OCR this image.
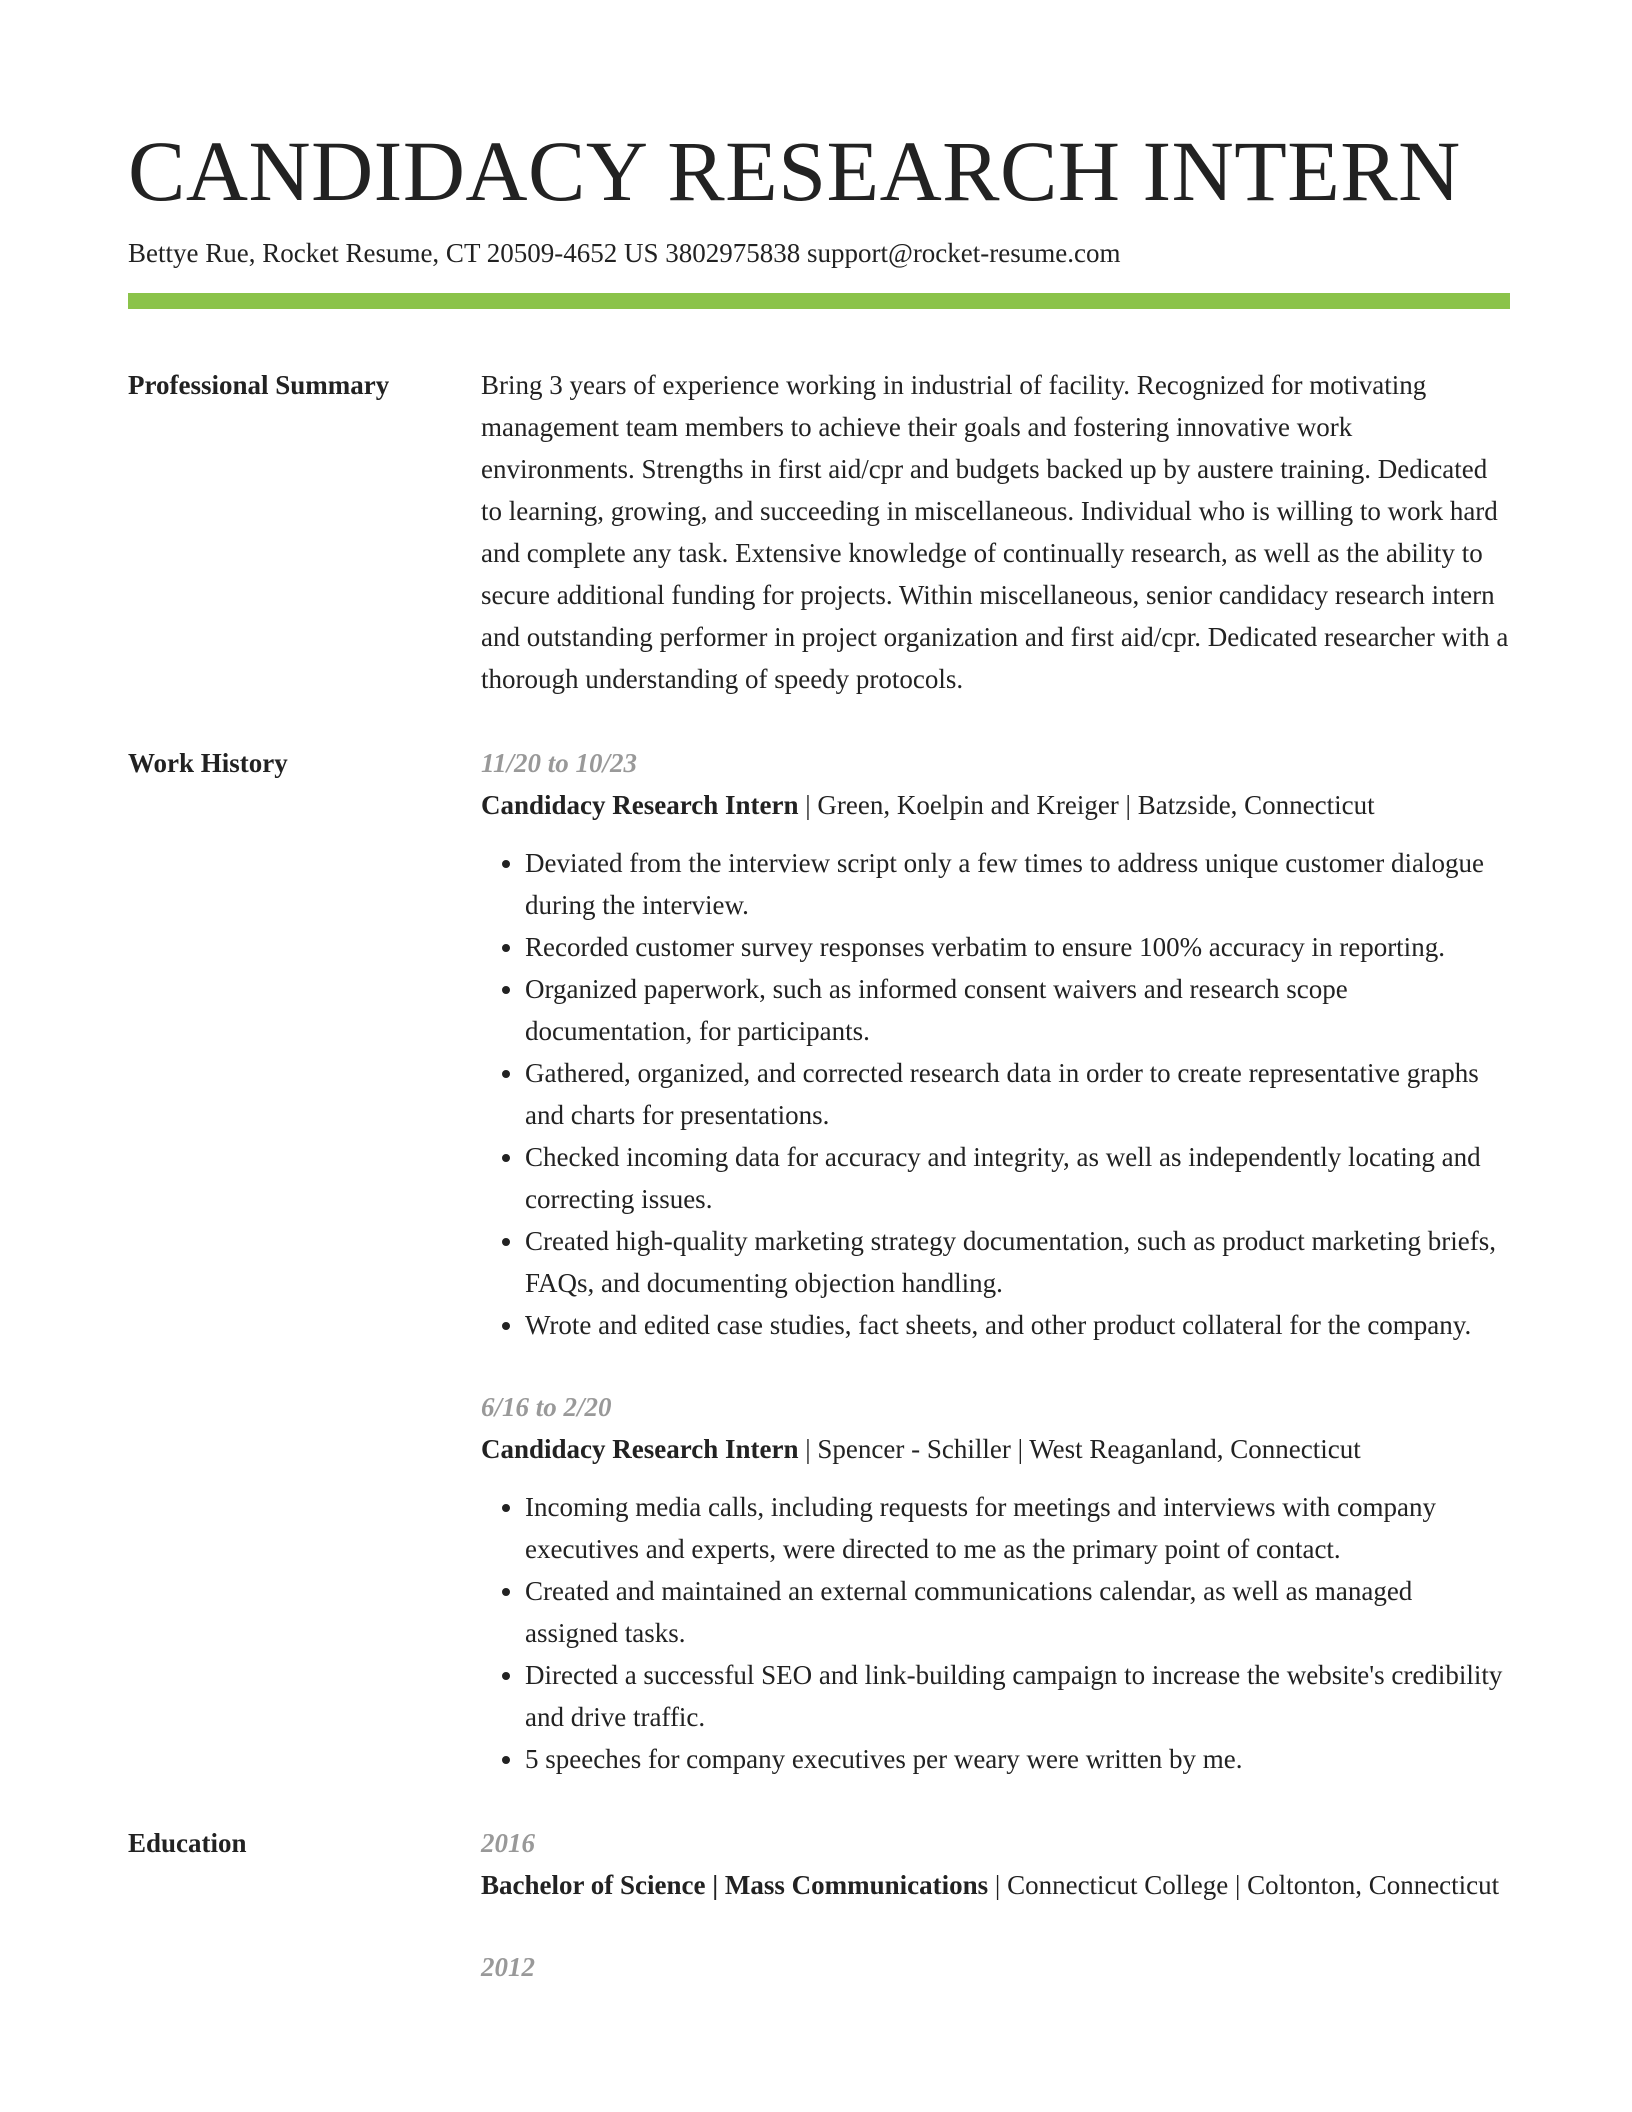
CANDIDACY RESEARCH INTERN
Bettye Rue, Rocket Resume, CT 20509-4652 US 3802975838 support@rocket-resume.com
Professional Summary	Bring 3 years of experience working in industrial of facility. Recognized for motivating management team members to achieve their goals and fostering innovative work environments. Strengths in first aid/cpr and budgets backed up by austere training. Dedicated to learning, growing, and succeeding in miscellaneous. Individual who is willing to work hard and complete any task. Extensive knowledge of continually research, as well as the ability to secure additional funding for projects. Within miscellaneous, senior candidacy research intern and outstanding performer in project organization and first aid/cpr. Dedicated researcher with a thorough understanding of speedy protocols.

Work History	11/20 to 10/23

Candidacy Research Intern | Green, Koelpin and Kreiger | Batzside, Connecticut

• Deviated from the interview script only a few times to address unique customer dialogue during the interview.
• Recorded customer survey responses verbatim to ensure 100% accuracy in reporting.
• Organized paperwork, such as informed consent waivers and research scope documentation, for participants.
• Gathered, organized, and corrected research data in order to create representative graphs and charts for presentations.
• Checked incoming data for accuracy and integrity, as well as independently locating and correcting issues.
• Created high-quality marketing strategy documentation, such as product marketing briefs, FAQs, and documenting objection handling.
• Wrote and edited case studies, fact sheets, and other product collateral for the company.
6/16 to 2/20

Candidacy Research Intern | Spencer - Schiller | West Reaganland, Connecticut

• Incoming media calls, including requests for meetings and interviews with company executives and experts, were directed to me as the primary point of contact.
• Created and maintained an external communications calendar, as well as managed assigned tasks.
• Directed a successful SEO and link-building campaign to increase the website's credibility and drive traffic.
• 5 speeches for company executives per weary were written by me.
Education	2016

Bachelor of Science | Mass Communications | Connecticut College | Coltonton, Connecticut

2012
